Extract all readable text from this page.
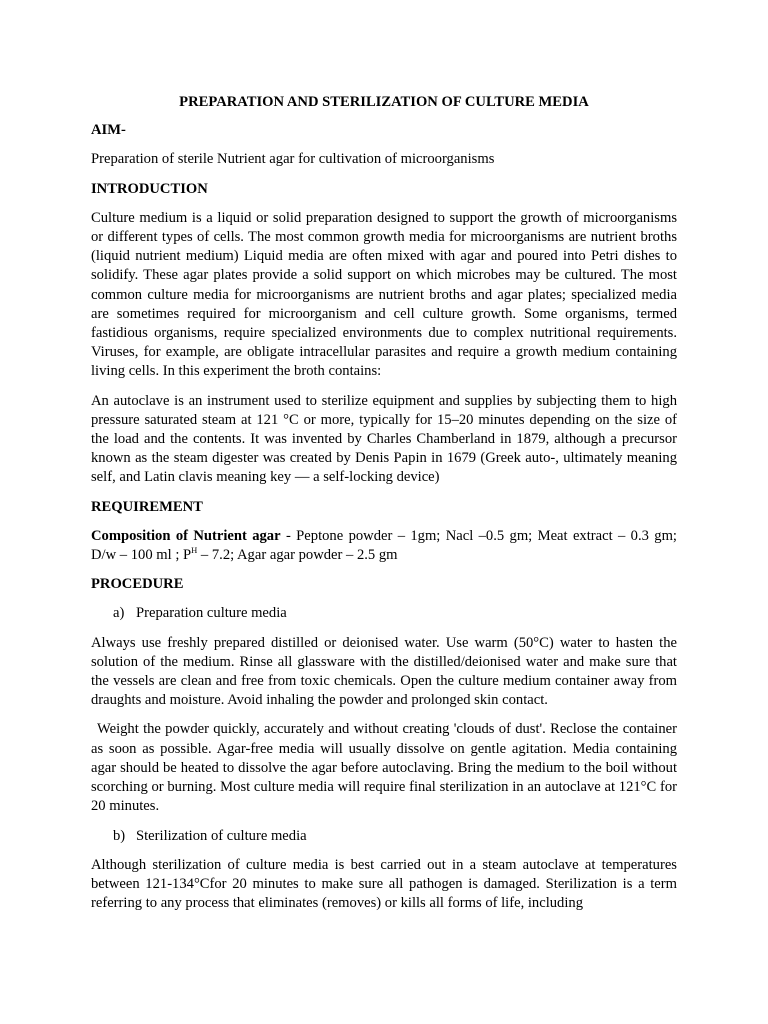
PREPARATION AND STERILIZATION OF CULTURE MEDIA
AIM-
Preparation of sterile Nutrient agar for cultivation of microorganisms
INTRODUCTION
Culture medium is a liquid or solid preparation designed to support the growth of microorganisms or different types of cells. The most common growth media for microorganisms are nutrient broths (liquid nutrient medium) Liquid media are often mixed with agar and poured into Petri dishes to solidify. These agar plates provide a solid support on which microbes may be cultured. The most common culture media for microorganisms are nutrient broths and agar plates; specialized media are sometimes required for microorganism and cell culture growth. Some organisms, termed fastidious organisms, require specialized environments due to complex nutritional requirements. Viruses, for example, are obligate intracellular parasites and require a growth medium containing living cells. In this experiment the broth contains:
An autoclave is an instrument used to sterilize equipment and supplies by subjecting them to high pressure saturated steam at 121 °C or more, typically for 15–20 minutes depending on the size of the load and the contents. It was invented by Charles Chamberland in 1879, although a precursor known as the steam digester was created by Denis Papin in 1679 (Greek auto-, ultimately meaning self, and Latin clavis meaning key — a self-locking device)
REQUIREMENT
Composition of Nutrient agar - Peptone powder – 1gm; Nacl –0.5 gm; Meat extract – 0.3 gm; D/w – 100 ml ; $P^H - 7.2$; Agar agar powder – 2.5 gm
PROCEDURE
a) Preparation culture media
Always use freshly prepared distilled or deionised water. Use warm (50°C) water to hasten the solution of the medium. Rinse all glassware with the distilled/deionised water and make sure that the vessels are clean and free from toxic chemicals. Open the culture medium container away from draughts and moisture. Avoid inhaling the powder and prolonged skin contact.
Weight the powder quickly, accurately and without creating 'clouds of dust'. Reclose the container as soon as possible. Agar-free media will usually dissolve on gentle agitation. Media containing agar should be heated to dissolve the agar before autoclaving. Bring the medium to the boil without scorching or burning. Most culture media will require final sterilization in an autoclave at 121°C for 20 minutes.
b) Sterilization of culture media
Although sterilization of culture media is best carried out in a steam autoclave at temperatures between 121-134°Cfor 20 minutes to make sure all pathogen is damaged. Sterilization is a term referring to any process that eliminates (removes) or kills all forms of life, including
